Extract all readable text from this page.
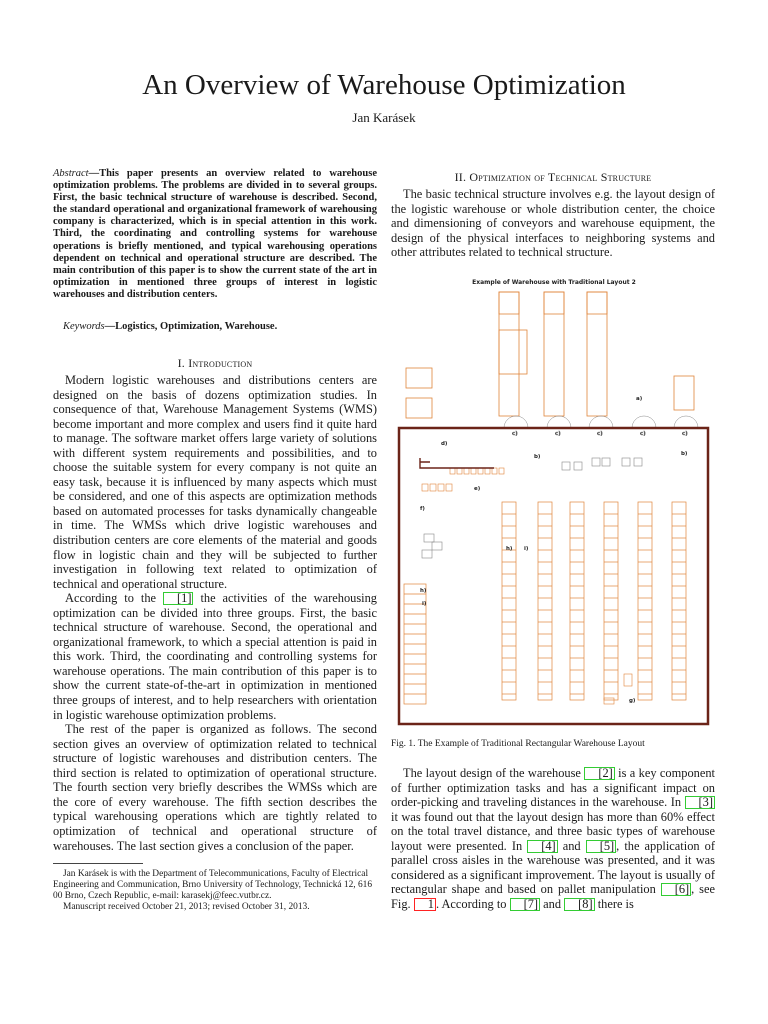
An Overview of Warehouse Optimization
Jan Karásek
Abstract—This paper presents an overview related to warehouse optimization problems. The problems are divided in to several groups. First, the basic technical structure of warehouse is described. Second, the standard operational and organizational framework of warehousing company is characterized, which is in special attention in this work. Third, the coordinating and controlling systems for warehouse operations is briefly mentioned, and typical warehousing operations dependent on technical and operational structure are described. The main contribution of this paper is to show the current state of the art in optimization in mentioned three groups of interest in logistic warehouses and distribution centers.
Keywords—Logistics, Optimization, Warehouse.
I. Introduction

Modern logistic warehouses and distributions centers are designed on the basis of dozens optimization studies. In consequence of that, Warehouse Management Systems (WMS) become important and more complex and users find it quite hard to manage. The software market offers large variety of solutions with different system requirements and possibilities, and to choose the suitable system for every company is not quite an easy task, because it is influenced by many aspects which must be considered, and one of this aspects are optimization methods based on automated processes for tasks dynamically changeable in time. The WMSs which drive logistic warehouses and distribution centers are core elements of the material and goods flow in logistic chain and they will be subjected to further investigation in following text related to optimization of technical and operational structure.

According to the [1] the activities of the warehousing optimization can be divided into three groups. First, the basic technical structure of warehouse. Second, the operational and organizational framework, to which a special attention is paid in this work. Third, the coordinating and controlling systems for warehouse operations. The main contribution of this paper is to show the current state-of-the-art in optimization in mentioned three groups of interest, and to help researchers with orientation in logistic warehouse optimization problems.

The rest of the paper is organized as follows. The second section gives an overview of optimization related to technical structure of logistic warehouses and distribution centers. The third section is related to optimization of operational structure. The fourth section very briefly describes the WMSs which are the core of every warehouse. The fifth section describes the typical warehousing operations which are tightly related to optimization of technical and operational structure of warehouses. The last section gives a conclusion of the paper.

Jan Karásek is with the Department of Telecommunications, Faculty of Electrical Engineering and Communication, Brno University of Technology, Technická 12, 616 00 Brno, Czech Republic, e-mail: karasekj@feec.vutbr.cz.

Manuscript received October 21, 2013; revised October 31, 2013.

II. Optimization of Technical Structure

The basic technical structure involves e.g. the layout design of the logistic warehouse or whole distribution center, the choice and dimensioning of conveyors and warehouse equipment, the design of the physical interfaces to neighboring systems and other attributes related to technical structure.

Example of Warehouse with Traditional Layout 2
c)	c)	c)	c)	c)
a)
b)	b)
d)
e)
f)
g)
h) i)
h)
i)
Fig. 1. The Example of Traditional Rectangular Warehouse Layout

The layout design of the warehouse [2] is a key component of further optimization tasks and has a significant impact on order-picking and traveling distances in the warehouse. In [3] it was found out that the layout design has more than 60% effect on the total travel distance, and three basic types of warehouse layout were presented. In [4] and [5] , the application of parallel cross aisles in the warehouse was presented, and it was considered as a significant improvement. The layout is usually of rectangular shape and based on pallet manipulation [6] , see Fig. 1 . According to [7] and [8] there is
